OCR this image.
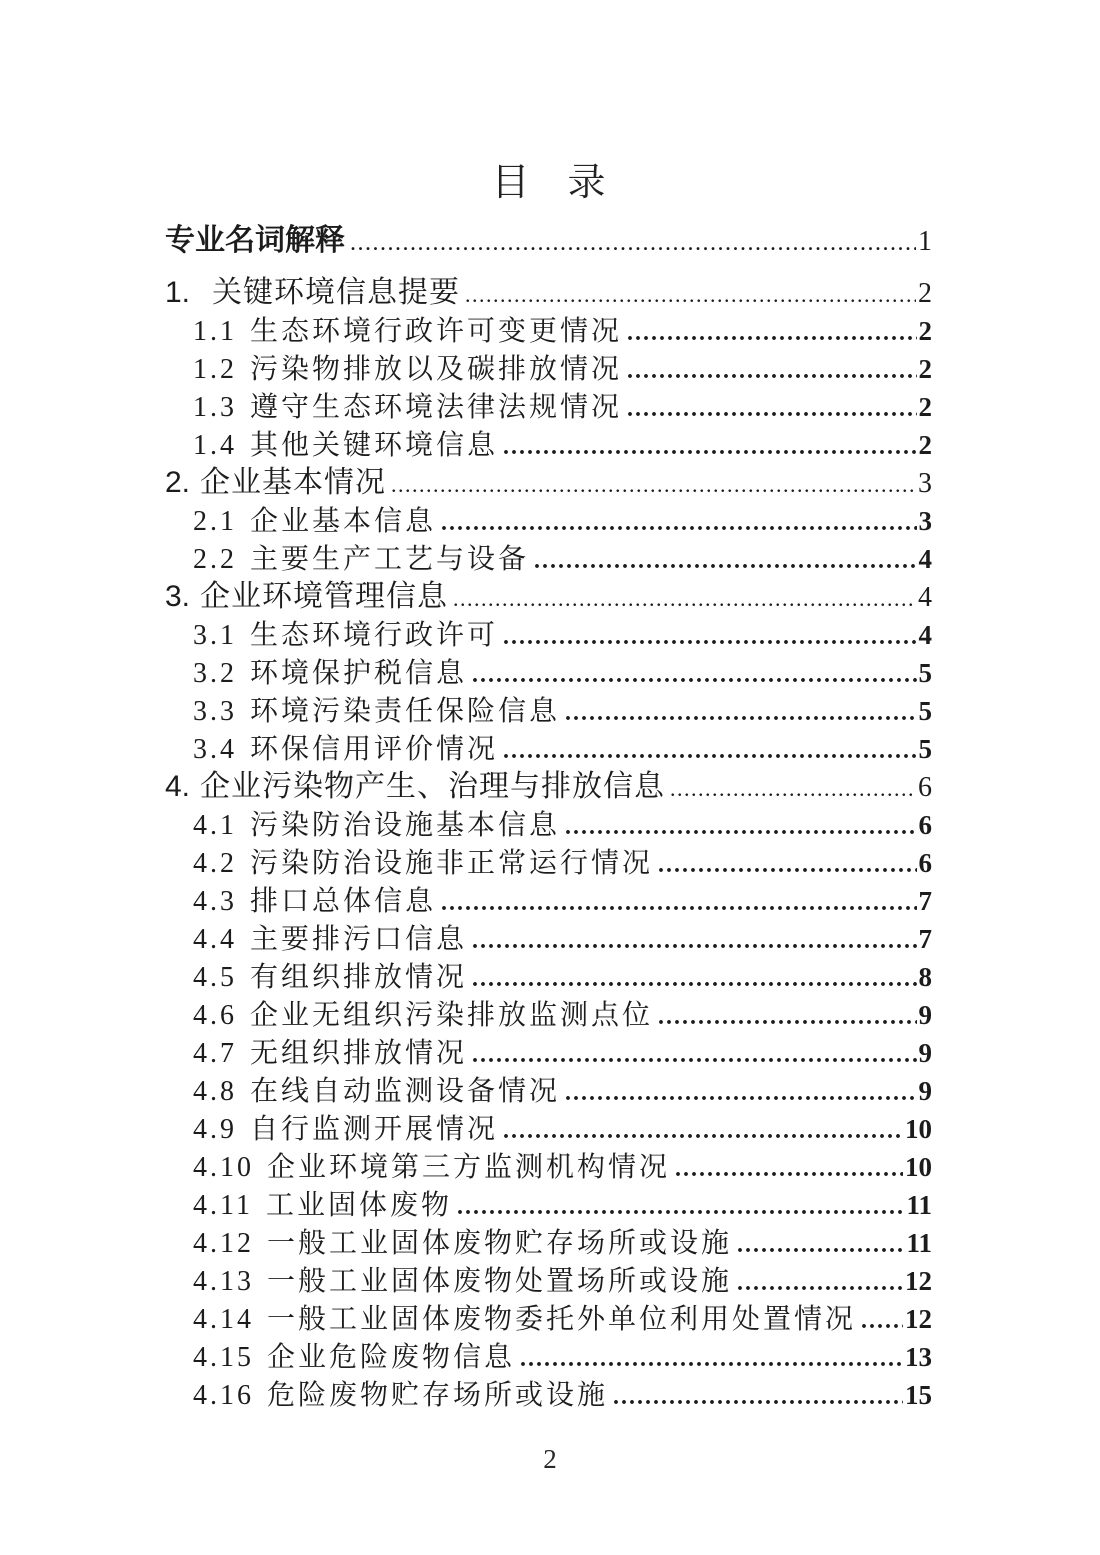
目　录
专业名词解释 .....	1
1. 关键环境信息提要 .....	2
1.1 生态环境行政许可变更情况 .....	2
1.2 污染物排放以及碳排放情况 .....	2
1.3 遵守生态环境法律法规情况 .....	2
1.4 其他关键环境信息 .....	2
2. 企业基本情况 .....	3
2.1 企业基本信息 .....	3
2.2 主要生产工艺与设备 .....	4
3. 企业环境管理信息 .....	4
3.1 生态环境行政许可 .....	4
3.2 环境保护税信息 .....	5
3.3 环境污染责任保险信息 .....	5
3.4 环保信用评价情况 .....	5
4. 企业污染物产生、治理与排放信息 .....	6
4.1 污染防治设施基本信息 .....	6
4.2 污染防治设施非正常运行情况 .....	6
4.3 排口总体信息 .....	7
4.4 主要排污口信息 .....	7
4.5 有组织排放情况 .....	8
4.6 企业无组织污染排放监测点位 .....	9
4.7 无组织排放情况 .....	9
4.8 在线自动监测设备情况 .....	9
4.9 自行监测开展情况 .....	10
4.10 企业环境第三方监测机构情况 .....	10
4.11 工业固体废物 .....	11
4.12 一般工业固体废物贮存场所或设施 .....	11
4.13 一般工业固体废物处置场所或设施 .....	12
4.14 一般工业固体废物委托外单位利用处置情况 ..... 12
4.15 企业危险废物信息 .....	13
4.16 危险废物贮存场所或设施 .....	15
2
